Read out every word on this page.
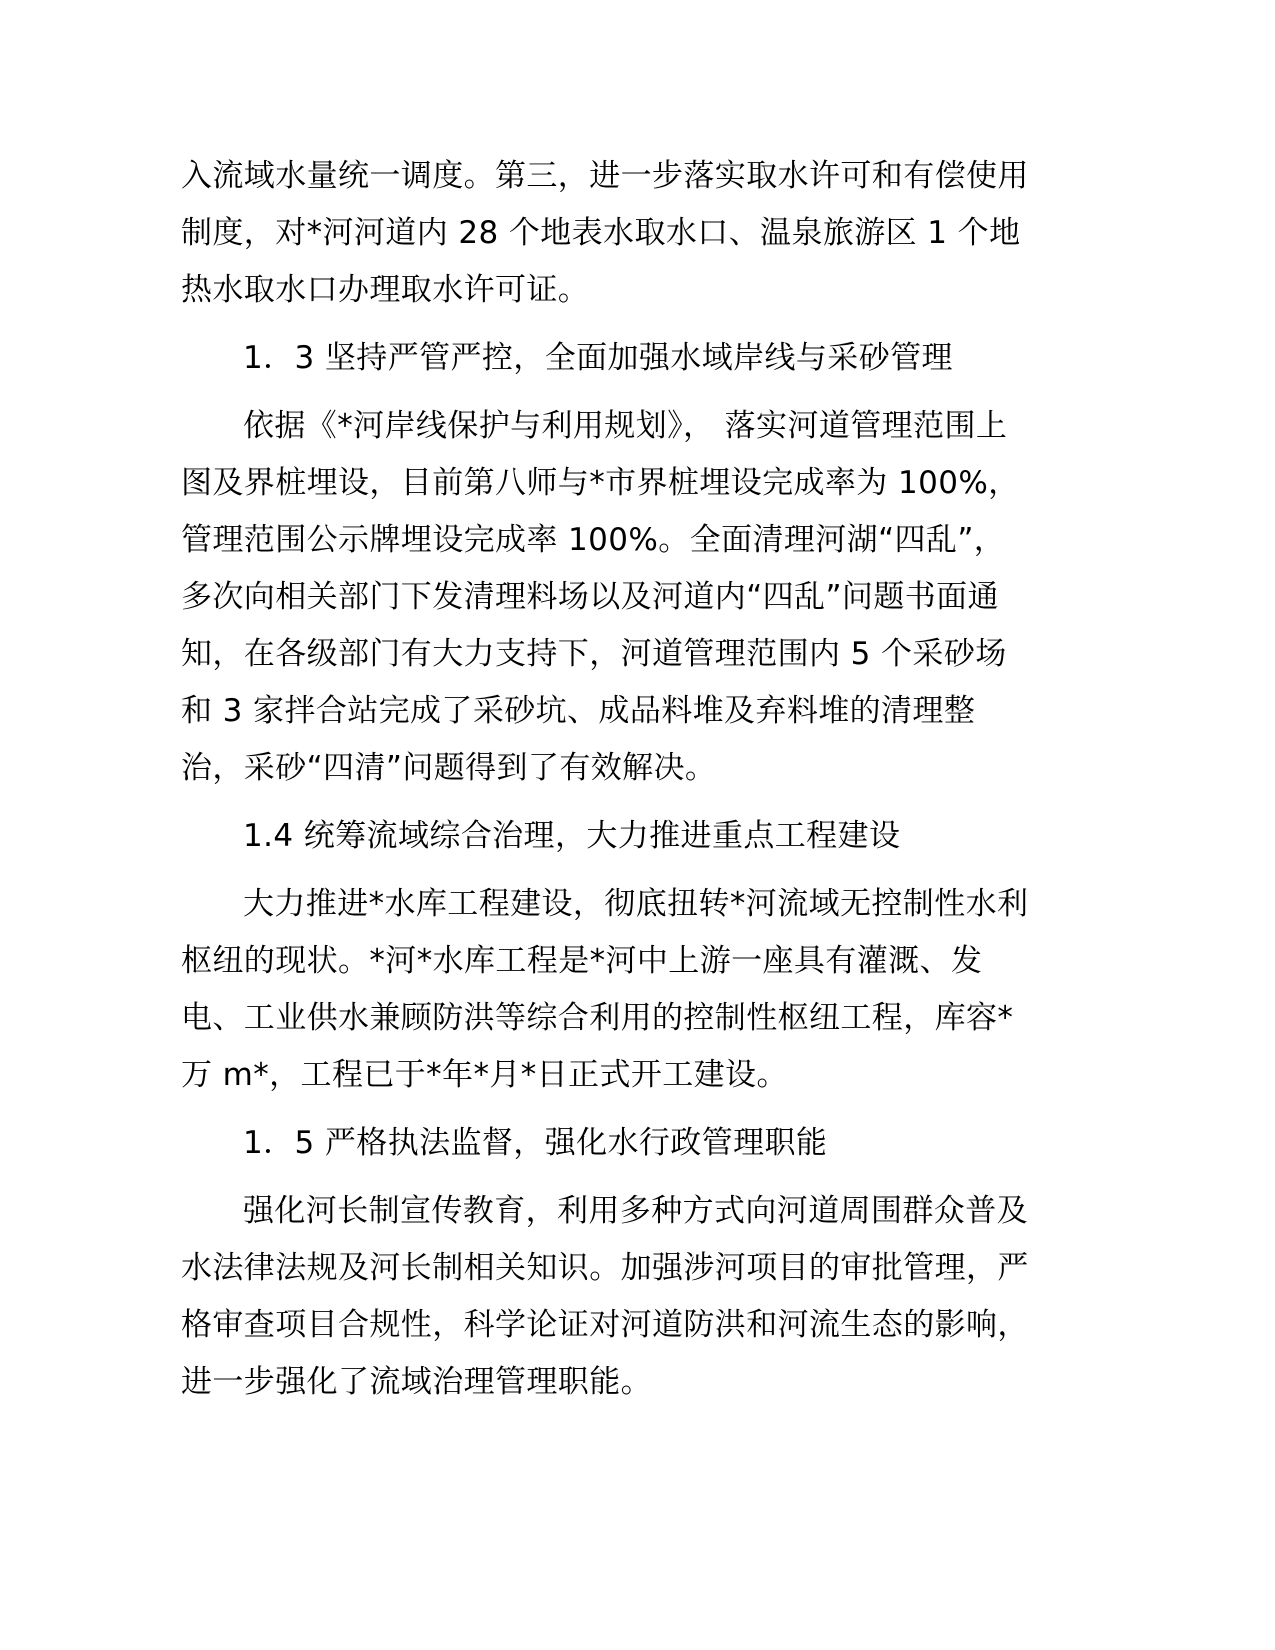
入流域水量统一调度。第三，进一步落实取水许可和有偿使用
制度，对*河河道内 28 个地表水取水口、温泉旅游区 1 个地
热水取水口办理取水许可证。
1．3 坚持严管严控，全面加强水域岸线与采砂管理
依据《*河岸线保护与利用规划》， 落实河道管理范围上
图及界桩埋设，目前第八师与*市界桩埋设完成率为 100%，
管理范围公示牌埋设完成率 100%。全面清理河湖“四乱”，
多次向相关部门下发清理料场以及河道内“四乱”问题书面通
知，在各级部门有大力支持下，河道管理范围内 5 个采砂场
和 3 家拌合站完成了采砂坑、成品料堆及弃料堆的清理整
治，采砂“四清”问题得到了有效解决。
1.4 统筹流域综合治理，大力推进重点工程建设
大力推进*水库工程建设，彻底扭转*河流域无控制性水利
枢纽的现状。*河*水库工程是*河中上游一座具有灌溉、发
电、工业供水兼顾防洪等综合利用的控制性枢纽工程，库容*
万 m*，工程已于*年*月*日正式开工建设。
1．5 严格执法监督，强化水行政管理职能
强化河长制宣传教育，利用多种方式向河道周围群众普及
水法律法规及河长制相关知识。加强涉河项目的审批管理，严
格审查项目合规性，科学论证对河道防洪和河流生态的影响，
进一步强化了流域治理管理职能。
